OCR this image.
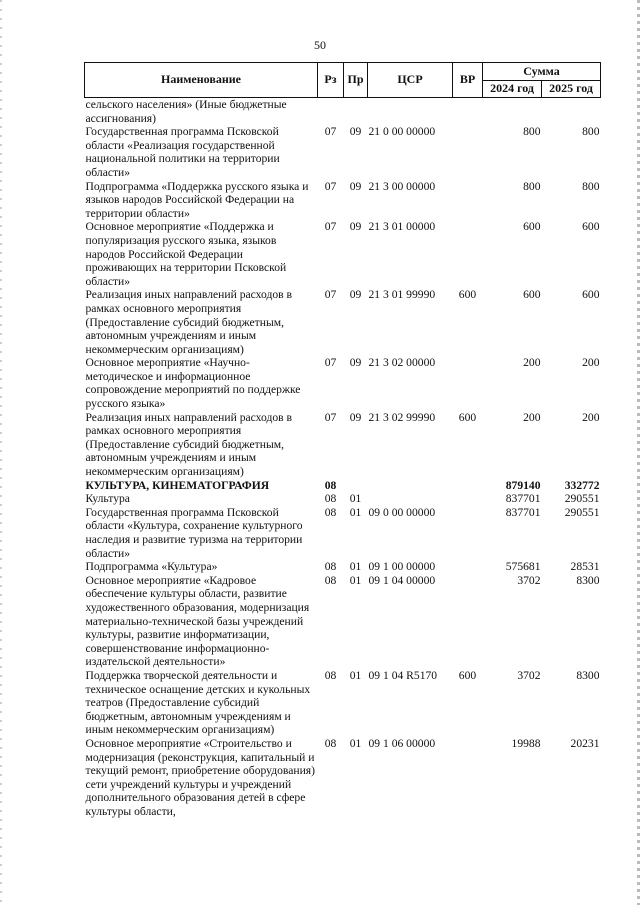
50
Наименование	Рз	Пр	ЦСР	ВР	Сумма	
					2024 год	2025 год
сельского населения» (Иные бюджетные ассигнования)						
Государственная программа Псковской области «Реализация государственной национальной политики на территории области»	07	09	21 0 00 00000		800	800
Подпрограмма «Поддержка русского языка и языков народов Российской Федерации на территории области»	07	09	21 3 00 00000		800	800
Основное мероприятие «Поддержка и популяризация русского языка, языков народов Российской Федерации проживающих на территории Псковской области»	07	09	21 3 01 00000		600	600
Реализация иных направлений расходов в рамках основного мероприятия (Предоставление субсидий бюджетным, автономным учреждениям и иным некоммерческим организациям)	07	09	21 3 01 99990	600	600	600
Основное мероприятие «Научно-методическое и информационное сопровождение мероприятий по поддержке русского языка»	07	09	21 3 02 00000		200	200
Реализация иных направлений расходов в рамках основного мероприятия (Предоставление субсидий бюджетным, автономным учреждениям и иным некоммерческим организациям)	07	09	21 3 02 99990	600	200	200
КУЛЬТУРА, КИНЕМАТОГРАФИЯ	08				879140	332772
Культура	08	01			837701	290551
Государственная программа Псковской области «Культура, сохранение культурного наследия и развитие туризма на территории области»	08	01	09 0 00 00000		837701	290551
Подпрограмма «Культура»	08	01	09 1 00 00000		575681	28531
Основное мероприятие «Кадровое обеспечение культуры области, развитие художественного образования, модернизация материально-технической базы учреждений культуры, развитие информатизации, совершенствование информационно-издательской деятельности»	08	01	09 1 04 00000		3702	8300
Поддержка творческой деятельности и техническое оснащение детских и кукольных театров (Предоставление субсидий бюджетным, автономным учреждениям и иным некоммерческим организациям)	08	01	09 1 04 R5170	600	3702	8300
Основное мероприятие «Строительство и модернизация (реконструкция, капитальный и текущий ремонт, приобретение оборудования) сети учреждений культуры и учреждений дополнительного образования детей в сфере культуры области,	08	01	09 1 06 00000		19988	20231
